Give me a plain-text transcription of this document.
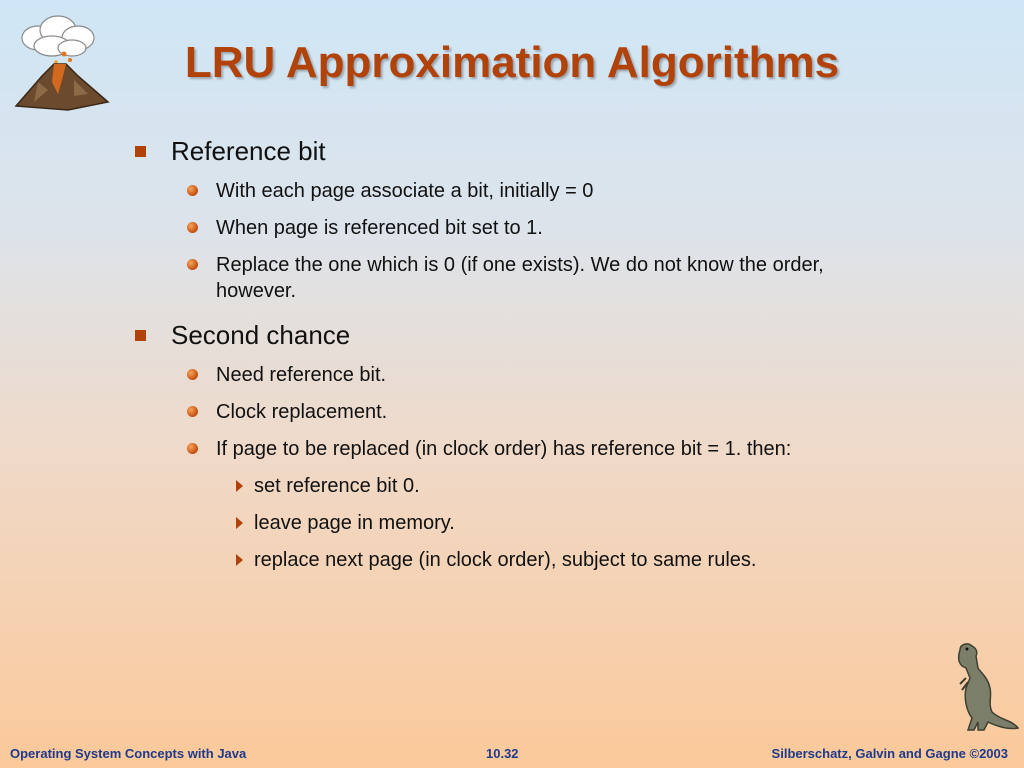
LRU Approximation Algorithms
Reference bit
With each page associate a bit, initially = 0
When page is referenced bit set to 1.
Replace the one which is 0 (if one exists). We do not know the order, however.
Second chance
Need reference bit.
Clock replacement.
If page to be replaced (in clock order) has reference bit = 1. then:
set reference bit 0.
leave page in memory.
replace next page (in clock order), subject to same rules.
Operating System Concepts with Java	10.32	Silberschatz, Galvin and Gagne ©2003
